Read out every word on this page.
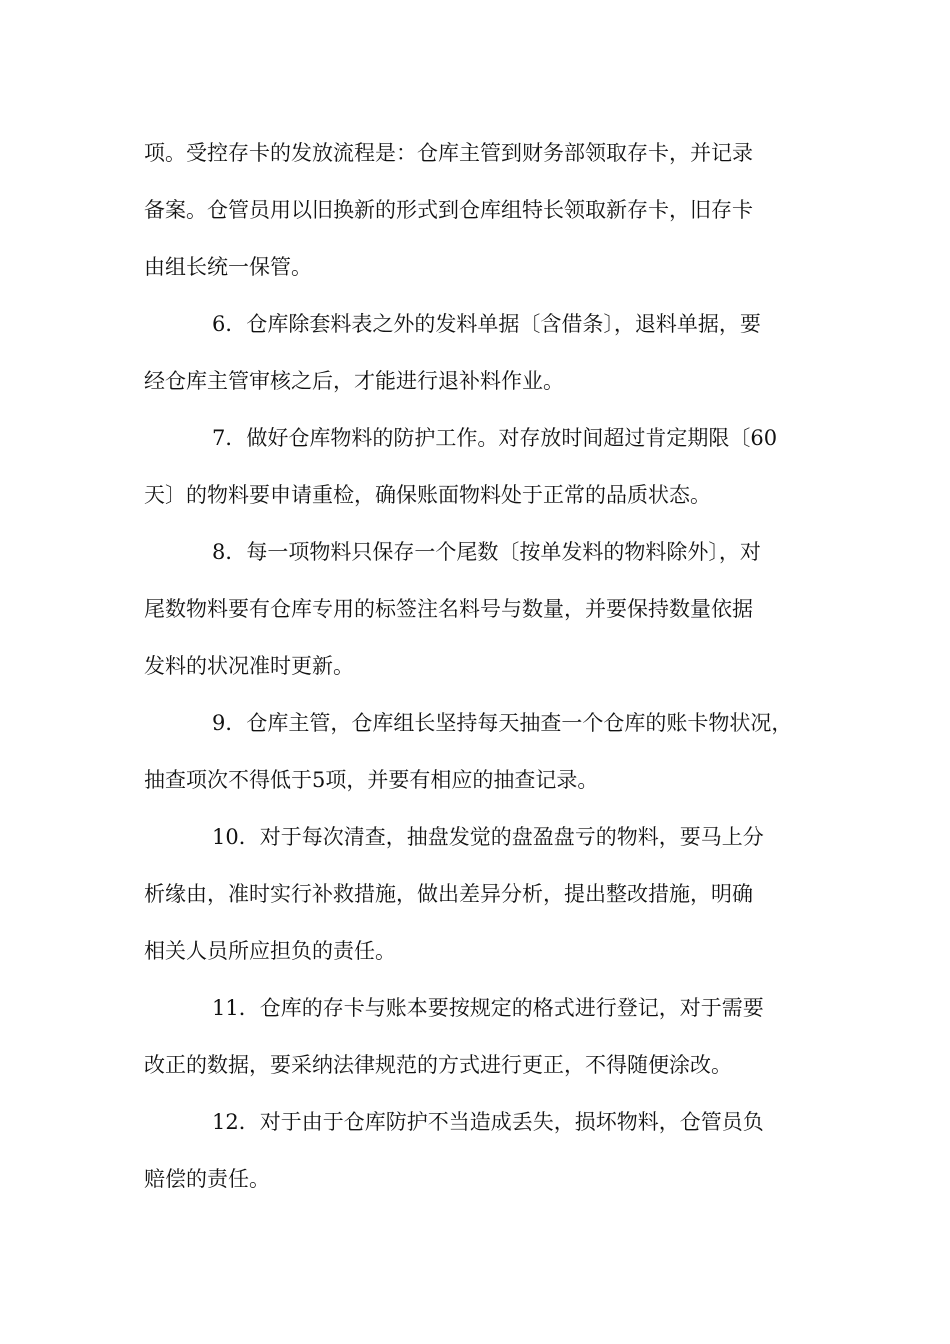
项。受控存卡的发放流程是：仓库主管到财务部领取存卡，并记录
备案。仓管员用以旧换新的形式到仓库组特长领取新存卡，旧存卡
由组长统一保管。
6．仓库除套料表之外的发料单据〔含借条〕，退料单据，要
经仓库主管审核之后，才能进行退补料作业。
7．做好仓库物料的防护工作。对存放时间超过肯定期限〔60
天〕的物料要申请重检，确保账面物料处于正常的品质状态。
8．每一项物料只保存一个尾数〔按单发料的物料除外〕，对
尾数物料要有仓库专用的标签注名料号与数量，并要保持数量依据
发料的状况准时更新。
9．仓库主管，仓库组长坚持每天抽查一个仓库的账卡物状况，
抽查项次不得低于5项，并要有相应的抽查记录。
10．对于每次清查，抽盘发觉的盘盈盘亏的物料，要马上分
析缘由，准时实行补救措施，做出差异分析，提出整改措施，明确
相关人员所应担负的责任。
11．仓库的存卡与账本要按规定的格式进行登记，对于需要
改正的数据，要采纳法律规范的方式进行更正，不得随便涂改。
12．对于由于仓库防护不当造成丢失，损坏物料，仓管员负
赔偿的责任。
